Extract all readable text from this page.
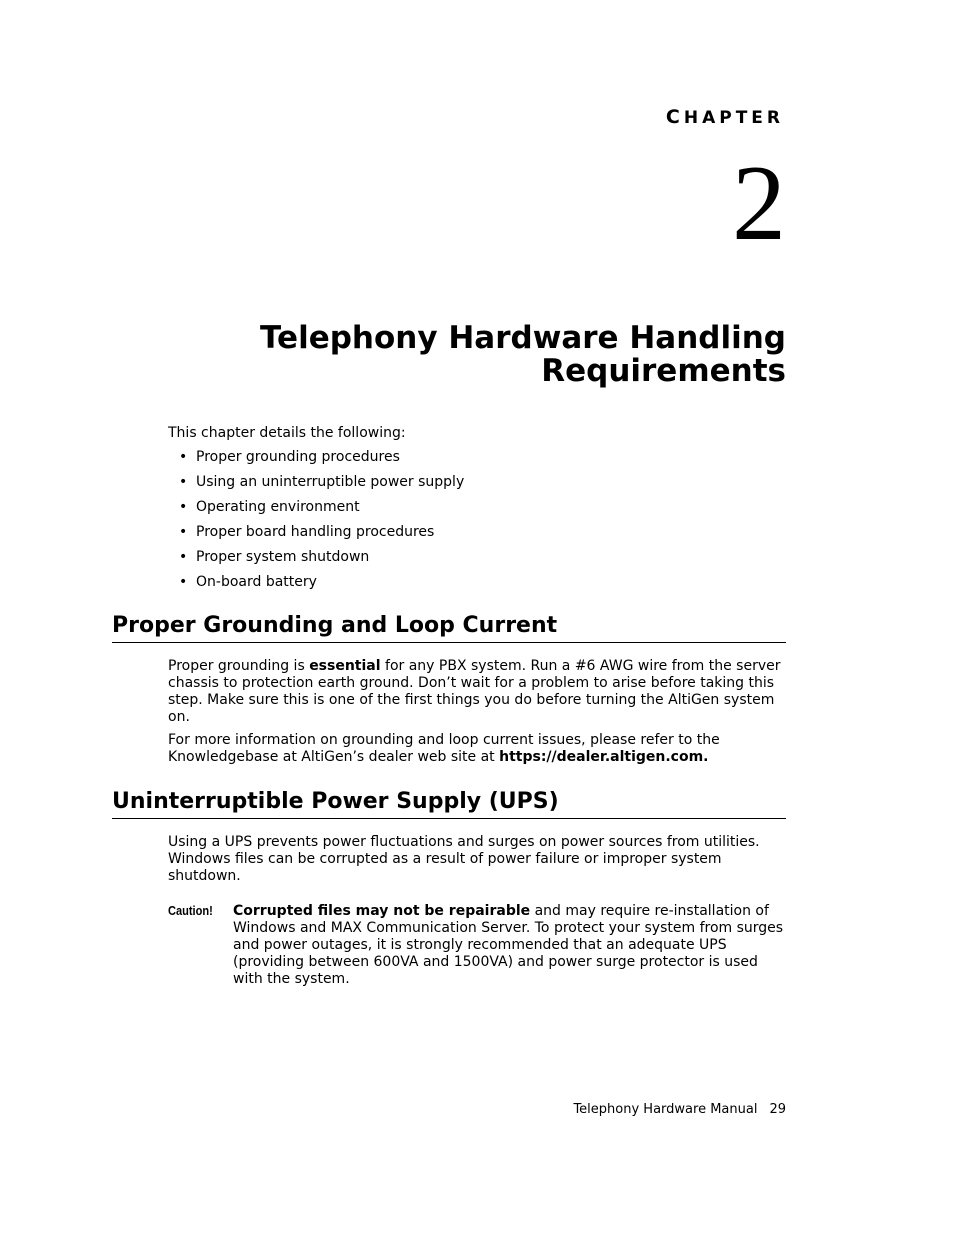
CHAPTER
2
Telephony Hardware Handling
Requirements

This chapter details the following:

• Proper grounding procedures
• Using an uninterruptible power supply
• Operating environment
• Proper board handling procedures
• Proper system shutdown
• On-board battery
Proper Grounding and Loop Current

Proper grounding is essential for any PBX system. Run a #6 AWG wire from the server chassis to protection earth ground. Don’t wait for a problem to arise before taking this step. Make sure this is one of the first things you do before turning the AltiGen system on.

For more information on grounding and loop current issues, please refer to the Knowledgebase at AltiGen’s dealer web site at https://dealer.altigen.com.

Uninterruptible Power Supply (UPS)

Using a UPS prevents power fluctuations and surges on power sources from utilities. Windows files can be corrupted as a result of power failure or improper system shutdown.

Caution! Corrupted files may not be repairable and may require re-installation of Windows and MAX Communication Server. To protect your system from surges and power outages, it is strongly recommended that an adequate UPS (providing between 600VA and 1500VA) and power surge protector is used with the system.

Telephony Hardware Manual 29
